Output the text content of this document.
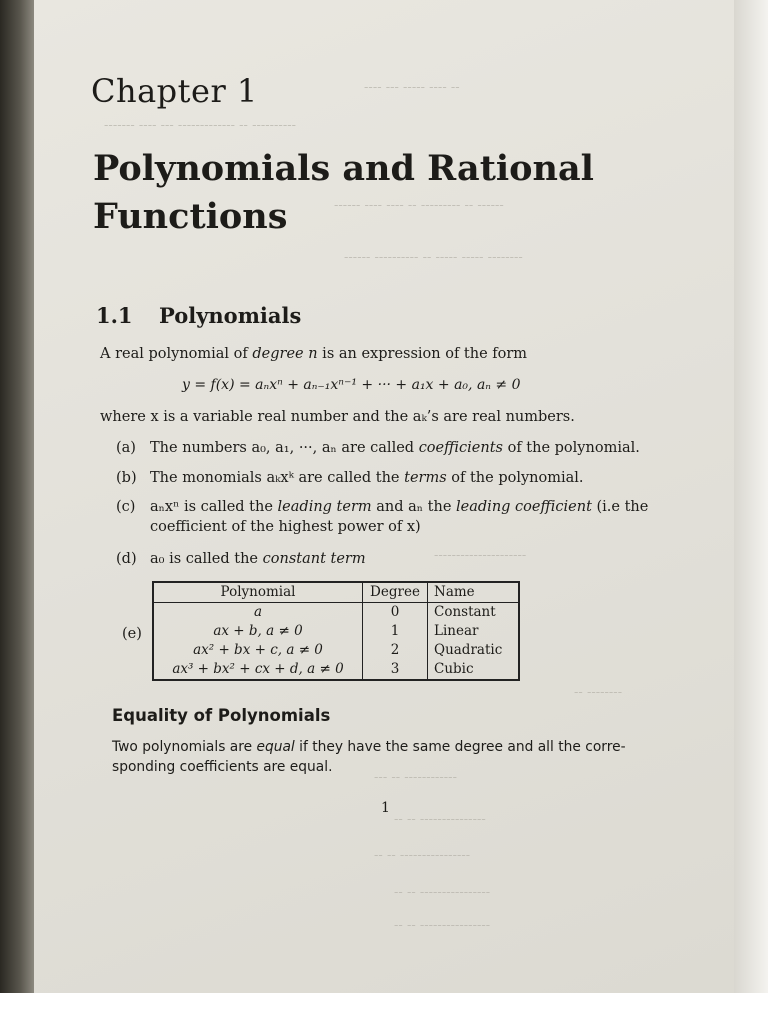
-- ---- ----- --- ----
---------- -- ------------- --- ---- -------
------ -- --------- -- ---- ---- ------
-------- ----- ----- -- ---------- ------
---------------------
-------- --
------------ -- ---
--------------- -- --
---------------- -- --
---------------- -- --
---------------- -- --
Chapter 1
Polynomials and Rational Functions
1.1 Polynomials
A real polynomial of degree n is an expression of the form
y = f(x) = aₙxⁿ + aₙ₋₁xⁿ⁻¹ + ··· + a₁x + a₀, aₙ ≠ 0
where x is a variable real number and the aₖ’s are real numbers.
(a) The numbers a₀, a₁, ···, aₙ are called coefficients of the polynomial.
(b) The monomials aₖxᵏ are called the terms of the polynomial.
(c) aₙxⁿ is called the leading term and aₙ the leading coefficient (i.e the
coefficient of the highest power of x)
(d) a₀ is called the constant term
(e)
Polynomial	Degree	Name
a	0	Constant
ax + b, a ≠ 0	1	Linear
ax² + bx + c, a ≠ 0	2	Quadratic
ax³ + bx² + cx + d, a ≠ 0	3	Cubic
Equality of Polynomials
Two polynomials are equal if they have the same degree and all the corre-
sponding coefficients are equal.
1
